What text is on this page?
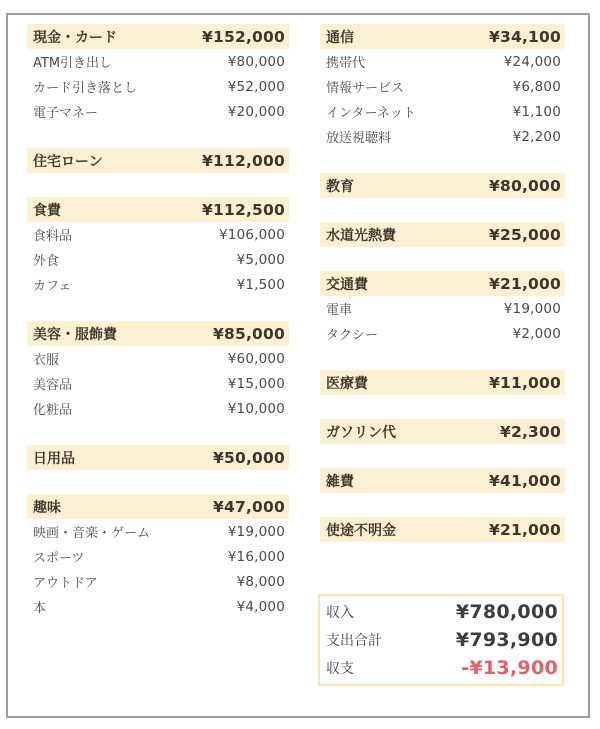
現金・カード	¥152,000
ATM引き出し	¥80,000
カード引き落とし	¥52,000
電子マネー	¥20,000
住宅ローン	¥112,000
食費	¥112,500
食料品	¥106,000
外食	¥5,000
カフェ	¥1,500
美容・服飾費	¥85,000
衣服	¥60,000
美容品	¥15,000
化粧品	¥10,000
日用品	¥50,000
趣味	¥47,000
映画・音楽・ゲーム	¥19,000
スポーツ	¥16,000
アウトドア	¥8,000
本	¥4,000
通信	¥34,100
携帯代	¥24,000
情報サービス	¥6,800
インターネット	¥1,100
放送視聴料	¥2,200
教育	¥80,000
水道光熱費	¥25,000
交通費	¥21,000
電車	¥19,000
タクシー	¥2,000
医療費	¥11,000
ガソリン代	¥2,300
雑費	¥41,000
使途不明金	¥21,000
収入	¥780,000
支出合計	¥793,900
収支	-¥13,900
